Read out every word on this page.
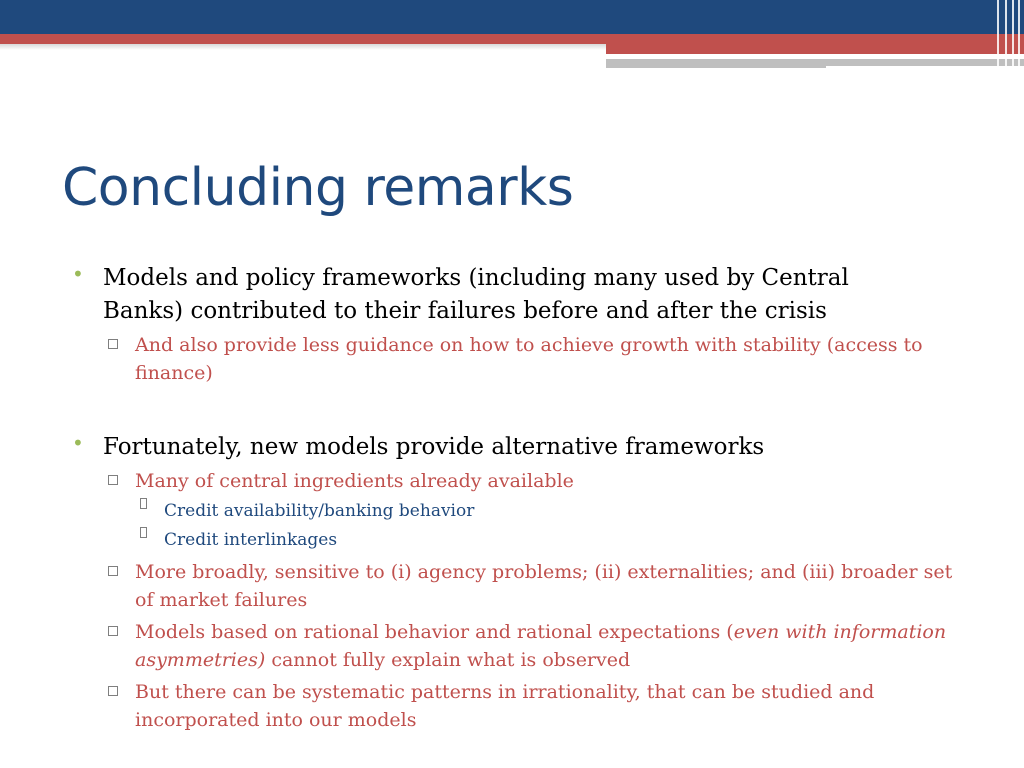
Concluding remarks
• Models and policy frameworks (including many used by Central Banks) contributed to their failures before and after the crisis
And also provide less guidance on how to achieve growth with stability (access to finance)
• Fortunately, new models provide alternative frameworks
Many of central ingredients already available
Credit availability/banking behavior
Credit interlinkages
More broadly, sensitive to (i) agency problems; (ii) externalities; and (iii) broader set of market failures
Models based on rational behavior and rational expectations (even with information asymmetries) cannot fully explain what is observed
But there can be systematic patterns in irrationality, that can be studied and incorporated into our models
